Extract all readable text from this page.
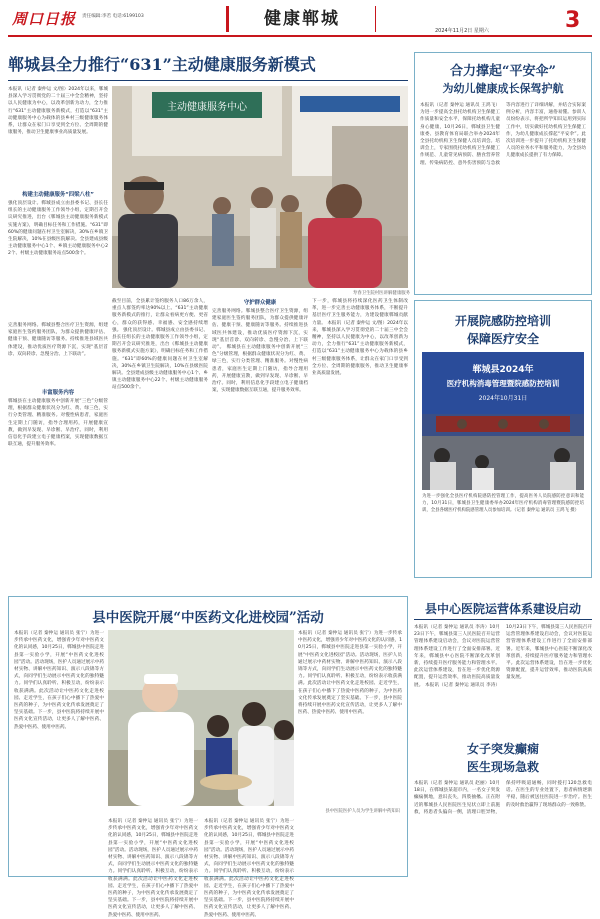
周口日报 责任编辑:李若 电话:6199103	健康郸城
2024年11月2日 星期六	3
郸城县全力推行“631”主动健康服务新模式
本报讯（记者 秦仲运 文/图）2024年以来，郸城县深入学习贯彻党的二十届三中全会精神，坚持以人民健康为中心，以改革创新为动力，全力推行“631”主动健康服务新模式，打造以“631”主动健康服务中心为载体的县乡村三级健康服务体系，让群众在家门口享受到全方位、全周期的健康服务，推动卫生健康事业高质量发展。
构建主动健康服务“四梁八柱”
强化顶层设计。郸城县成立由县委书记、县长任组长的主动健康服务工作领导小组，定期召开会议研究推进，出台《郸城县主动健康服务新模式实施方案》，明确目标任务和工作措施。“631”即60%的健康问题在村卫生室解决，30%在乡镇卫生院解决，10%在县级医院解决。全县建成县级主动健康服务中心1个、乡镇主动健康服务中心22个、村级主动健康服务站点500余个。
完善服务网络。郸城县整合医疗卫生资源，组建家庭医生签约服务团队，为群众提供健康评估、健康干预、健康随访等服务。持续推进县域医共体建设，推动优质医疗资源下沉，实现“基层首诊、双向转诊、急慢分治、上下联动”。
丰富服务内容
郸城县在主动健康服务中创新开展“三色”分级管理，根据群众健康状况分为红、黄、绿三色，实行分类管理、精准服务。对慢性病患者，家庭医生定期上门随访，指导合理用药，开展健康宣教，做到早发现、早诊断、早治疗。同时，利用信息化手段建立电子健康档案，实现健康数据互联互通，提升服务效率。
主动健康服务中心
寿春卫生院村医讲解健康服务
截至目前，全县累计签约服务人口86万余人，重点人群签约率达90%以上。“631”主动健康服务新模式的推行，让群众看病更方便、更省心，群众的获得感、幸福感、安全感持续增强。 强化顶层设计。郸城县成立由县委书记、县长任组长的主动健康服务工作领导小组，定期召开会议研究推进，出台《郸城县主动健康服务新模式实施方案》，明确目标任务和工作措施。“631”即60%的健康问题在村卫生室解决，30%在乡镇卫生院解决，10%在县级医院解决。全县建成县级主动健康服务中心1个、乡镇主动健康服务中心22个、村级主动健康服务站点500余个。
守护群众健康
完善服务网络。郸城县整合医疗卫生资源，组建家庭医生签约服务团队，为群众提供健康评估、健康干预、健康随访等服务。持续推进县域医共体建设，推动优质医疗资源下沉，实现“基层首诊、双向转诊、急慢分治、上下联动”。 郸城县在主动健康服务中创新开展“三色”分级管理，根据群众健康状况分为红、黄、绿三色，实行分类管理、精准服务。对慢性病患者，家庭医生定期上门随访，指导合理用药，开展健康宣教，做到早发现、早诊断、早治疗。同时，利用信息化手段建立电子健康档案，实现健康数据互联互通，提升服务效率。
下一步，郸城县将持续深化医药卫生体制改革，进一步完善主动健康服务体系，不断提升基层医疗卫生服务能力，为建设健康郸城贡献力量。 本报讯（记者 秦仲运 文/图）2024年以来，郸城县深入学习贯彻党的二十届三中全会精神，坚持以人民健康为中心，以改革创新为动力，全力推行“631”主动健康服务新模式，打造以“631”主动健康服务中心为载体的县乡村三级健康服务体系，让群众在家门口享受到全方位、全周期的健康服务，推动卫生健康事业高质量发展。
合力撑起“平安伞”
为幼儿健康成长保驾护航
本报讯（记者 秦仲运 通讯员 王鸿飞）为进一步提高全县托幼机构卫生保健工作质量和安全水平，保障托幼机构儿童身心健康，10月26日，郸城县卫生健康委、县教育体育局联合举办2024年全县托幼机构卫生保健人员培训会。培训会上，专家围绕托幼机构卫生保健工作规范、儿童常见病预防、膳食营养管理、传染病防控、意外伤害预防与急救等内容进行了详细讲解，并结合实际案例分析，内容丰富，通俗易懂。参训人员纷纷表示，将把所学知识运用到实际工作中，切实做好托幼机构卫生保健工作，为幼儿健康成长撑起“平安伞”。此次培训进一步提升了托幼机构卫生保健人员的业务水平和服务能力，为全县幼儿健康成长提供了有力保障。
开展院感防控培训
保障医疗安全
郸城县2024年
医疗机构消毒管理暨院感防控培训
2024年10月31日
为进一步强化全县医疗机构院感防控管理工作，提高医务人员院感防控意识和能力，10月31日，郸城县卫生健康委举办2024年医疗机构消毒管理暨院感防控培训，全县各级医疗机构院感管理人员参加培训。（记者 秦仲运 通讯员 王鸿飞 摄）
县中医院开展“中医药文化进校园”活动
本报讯（记者 秦仲运 通讯员 张宁）为进一步传承中医药文化，增强青少年对中医药文化的认同感，10月25日，郸城县中医院走进县第一实验小学，开展“中医药文化进校园”活动。活动现场，医护人员通过展示中药材实物、讲解中医药知识、演示八段锦等方式，向同学们生动展示中医药文化的独特魅力。同学们认真聆听、积极互动，纷纷表示收获满满。此次活动让中医药文化走进校园、走近学生，在孩子们心中播下了热爱中医药的种子，为中医药文化传承发展奠定了坚实基础。下一步，县中医院将持续开展中医药文化宣传活动，让更多人了解中医药、热爱中医药、使用中医药。
县中医院医护人员为学生讲解中药知识
本报讯（记者 秦仲运 通讯员 张宁）为进一步传承中医药文化，增强青少年对中医药文化的认同感，10月25日，郸城县中医院走进县第一实验小学，开展“中医药文化进校园”活动。活动现场，医护人员通过展示中药材实物、讲解中医药知识、演示八段锦等方式，向同学们生动展示中医药文化的独特魅力。同学们认真聆听、积极互动，纷纷表示收获满满。此次活动让中医药文化走进校园、走近学生，在孩子们心中播下了热爱中医药的种子，为中医药文化传承发展奠定了坚实基础。下一步，县中医院将持续开展中医药文化宣传活动，让更多人了解中医药、热爱中医药、使用中医药。
本报讯（记者 秦仲运 通讯员 张宁）为进一步传承中医药文化，增强青少年对中医药文化的认同感，10月25日，郸城县中医院走进县第一实验小学，开展“中医药文化进校园”活动。活动现场，医护人员通过展示中药材实物、讲解中医药知识、演示八段锦等方式，向同学们生动展示中医药文化的独特魅力。同学们认真聆听、积极互动，纷纷表示收获满满。此次活动让中医药文化走进校园、走近学生，在孩子们心中播下了热爱中医药的种子，为中医药文化传承发展奠定了坚实基础。下一步，县中医院将持续开展中医药文化宣传活动，让更多人了解中医药、热爱中医药、使用中医药。
本报讯（记者 秦仲运 通讯员 张宁）为进一步传承中医药文化，增强青少年对中医药文化的认同感，10月25日，郸城县中医院走进县第一实验小学，开展“中医药文化进校园”活动。活动现场，医护人员通过展示中药材实物、讲解中医药知识、演示八段锦等方式，向同学们生动展示中医药文化的独特魅力。同学们认真聆听、积极互动，纷纷表示收获满满。此次活动让中医药文化走进校园、走近学生，在孩子们心中播下了热爱中医药的种子，为中医药文化传承发展奠定了坚实基础。下一步，县中医院将持续开展中医药文化宣传活动，让更多人了解中医药、热爱中医药、使用中医药。
县中心医院运营体系建设启动
本报讯（记者 秦仲运 通讯员 李涛）10月23日下午，郸城县第三人民医院召开运营管理体系建设启动会，会议对医院运营管理体系建设工作进行了全面安排部署。近年来，郸城县中心医院不断深化改革创新，持续提升医疗服务能力和管理水平。此次运营体系建设，旨在进一步优化资源配置，提升运营效率，推动医院高质量发展。 本报讯（记者 秦仲运 通讯员 李涛）10月23日下午，郸城县第三人民医院召开运营管理体系建设启动会，会议对医院运营管理体系建设工作进行了全面安排部署。近年来，郸城县中心医院不断深化改革创新，持续提升医疗服务能力和管理水平。此次运营体系建设，旨在进一步优化资源配置，提升运营效率，推动医院高质量发展。
女子突发癫痫
医生现场急救
本报讯（记者 秦仲运 通讯员 赵丽）10月18日，在郸城县某超市内，一名女子突发癫痫倒地，意识丧失，四肢抽搐。正在附近的郸城县人民医院医生见状立即上前施救，将患者头偏向一侧，清理口腔异物，保持呼吸道通畅，同时拨打120急救电话。在医生的专业处置下，患者病情逐渐平稳，随后被送往医院进一步治疗。医生的及时救治赢得了现场群众的一致称赞。
